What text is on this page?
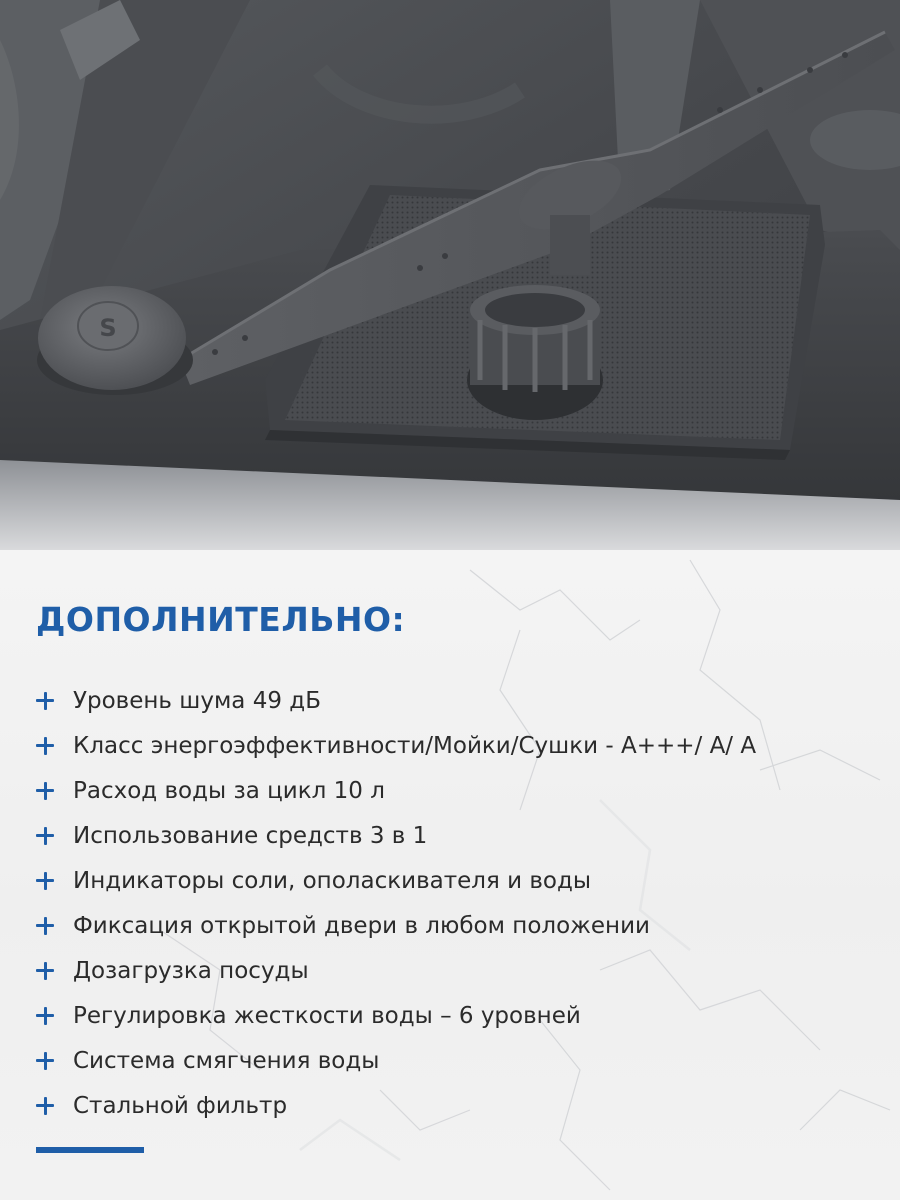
S
ДОПОЛНИТЕЛЬНО:
Уровень шума 49 дБ
Класс энергоэффективности/Мойки/Сушки - А+++/ А/ А
Расход воды за цикл 10 л
Использование средств 3 в 1
Индикаторы соли, ополаскивателя и воды
Фиксация открытой двери в любом положении
Дозагрузка посуды
Регулировка жесткости воды – 6 уровней
Система смягчения воды
Стальной фильтр
